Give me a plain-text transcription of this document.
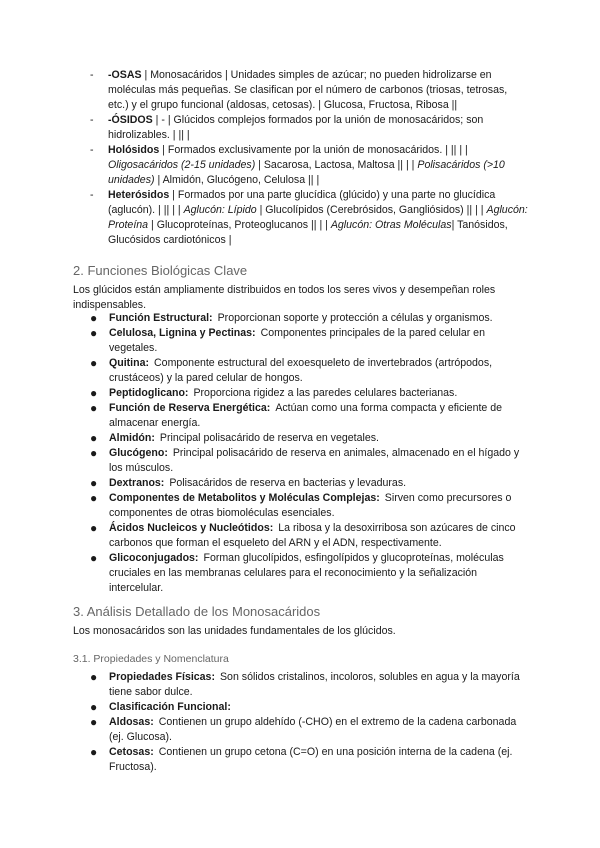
- -OSAS | Monosacáridos | Unidades simples de azúcar; no pueden hidrolizarse en moléculas más pequeñas. Se clasifican por el número de carbonos (triosas, tetrosas, etc.) y el grupo funcional (aldosas, cetosas). | Glucosa, Fructosa, Ribosa ||
- -ÓSIDOS | - | Glúcidos complejos formados por la unión de monosacáridos; son hidrolizables. | || |
- Holósidos | Formados exclusivamente por la unión de monosacáridos. | || | | Oligosacáridos (2-15 unidades) | Sacarosa, Lactosa, Maltosa || | | Polisacáridos (>10 unidades) | Almidón, Glucógeno, Celulosa || |
- Heterósidos | Formados por una parte glucídica (glúcido) y una parte no glucídica (aglucón). | || | | Aglucón: Lípido | Glucolípidos (Cerebrósidos, Gangliósidos) || | | Aglucón: Proteína | Glucoproteínas, Proteoglucanos || | | Aglucón: Otras Moléculas| Tanósidos, Glucósidos cardiotónicos |
2. Funciones Biológicas Clave
Los glúcidos están ampliamente distribuidos en todos los seres vivos y desempeñan roles indispensables.
● Función Estructural: Proporcionan soporte y protección a células y organismos.
● Celulosa, Lignina y Pectinas: Componentes principales de la pared celular en vegetales.
● Quitina: Componente estructural del exoesqueleto de invertebrados (artrópodos, crustáceos) y la pared celular de hongos.
● Peptidoglicano: Proporciona rigidez a las paredes celulares bacterianas.
● Función de Reserva Energética: Actúan como una forma compacta y eficiente de almacenar energía.
● Almidón: Principal polisacárido de reserva en vegetales.
● Glucógeno: Principal polisacárido de reserva en animales, almacenado en el hígado y los músculos.
● Dextranos: Polisacáridos de reserva en bacterias y levaduras.
● Componentes de Metabolitos y Moléculas Complejas: Sirven como precursores o componentes de otras biomoléculas esenciales.
● Ácidos Nucleicos y Nucleótidos: La ribosa y la desoxirribosa son azúcares de cinco carbonos que forman el esqueleto del ARN y el ADN, respectivamente.
● Glicoconjugados: Forman glucolípidos, esfingolípidos y glucoproteínas, moléculas cruciales en las membranas celulares para el reconocimiento y la señalización intercelular.
3. Análisis Detallado de los Monosacáridos
Los monosacáridos son las unidades fundamentales de los glúcidos.
3.1. Propiedades y Nomenclatura
● Propiedades Físicas: Son sólidos cristalinos, incoloros, solubles en agua y la mayoría tiene sabor dulce.
● Clasificación Funcional:
● Aldosas: Contienen un grupo aldehído (-CHO) en el extremo de la cadena carbonada (ej. Glucosa).
● Cetosas: Contienen un grupo cetona (C=O) en una posición interna de la cadena (ej. Fructosa).
